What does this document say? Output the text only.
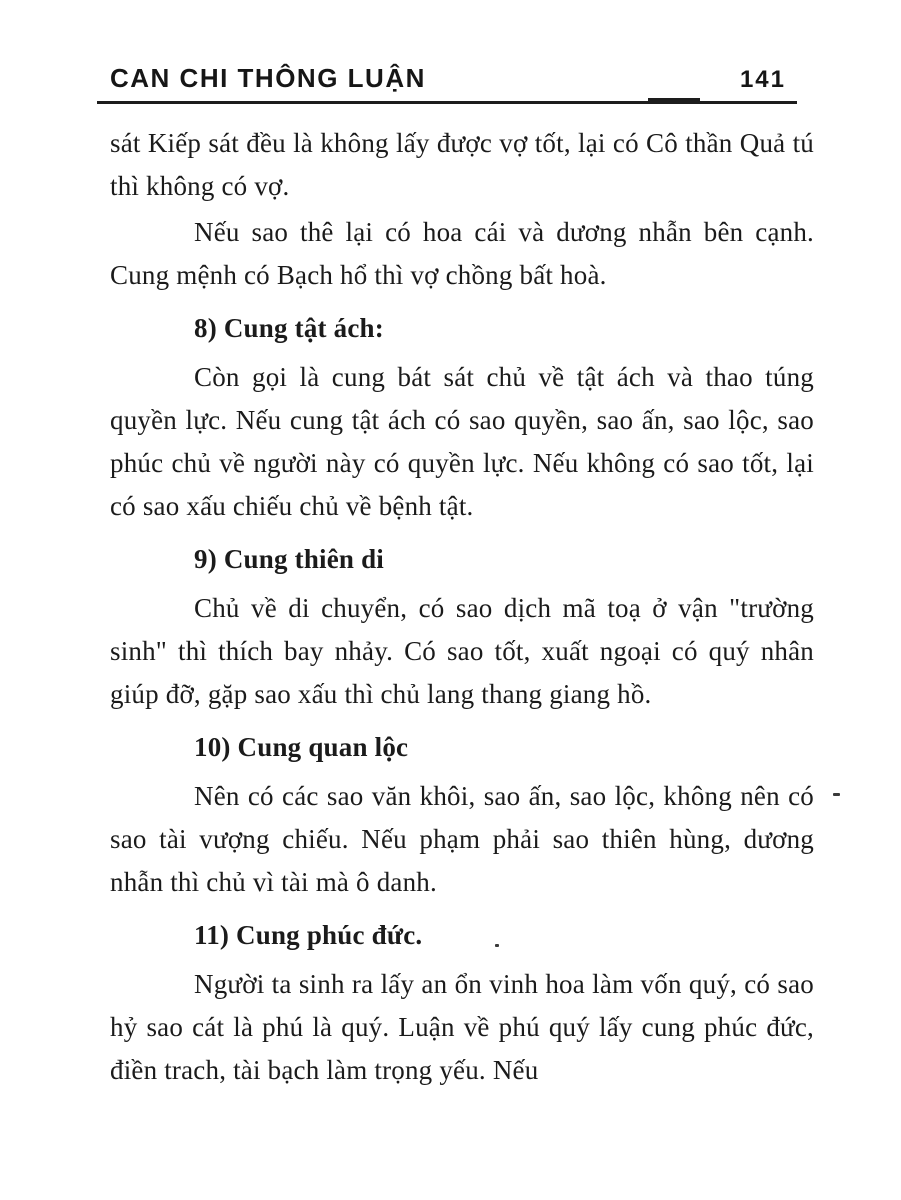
CAN CHI THÔNG LUẬN	141

sát Kiếp sát đều là không lấy được vợ tốt, lại có Cô thần Quả tú thì không có vợ.

Nếu sao thê lại có hoa cái và dương nhẫn bên cạnh. Cung mệnh có Bạch hổ thì vợ chồng bất hoà.

8) Cung tật ách:

Còn gọi là cung bát sát chủ về tật ách và thao túng quyền lực. Nếu cung tật ách có sao quyền, sao ấn, sao lộc, sao phúc chủ về người này có quyền lực. Nếu không có sao tốt, lại có sao xấu chiếu chủ về bệnh tật.

9) Cung thiên di

Chủ về di chuyển, có sao dịch mã toạ ở vận "trường sinh" thì thích bay nhảy. Có sao tốt, xuất ngoại có quý nhân giúp đỡ, gặp sao xấu thì chủ lang thang giang hồ.

10) Cung quan lộc

Nên có các sao văn khôi, sao ấn, sao lộc, không nên có sao tài vượng chiếu. Nếu phạm phải sao thiên hùng, dương nhẫn thì chủ vì tài mà ô danh.

11) Cung phúc đức.

Người ta sinh ra lấy an ổn vinh hoa làm vốn quý, có sao hỷ sao cát là phú là quý. Luận về phú quý lấy cung phúc đức, điền trach, tài bạch làm trọng yếu. Nếu
